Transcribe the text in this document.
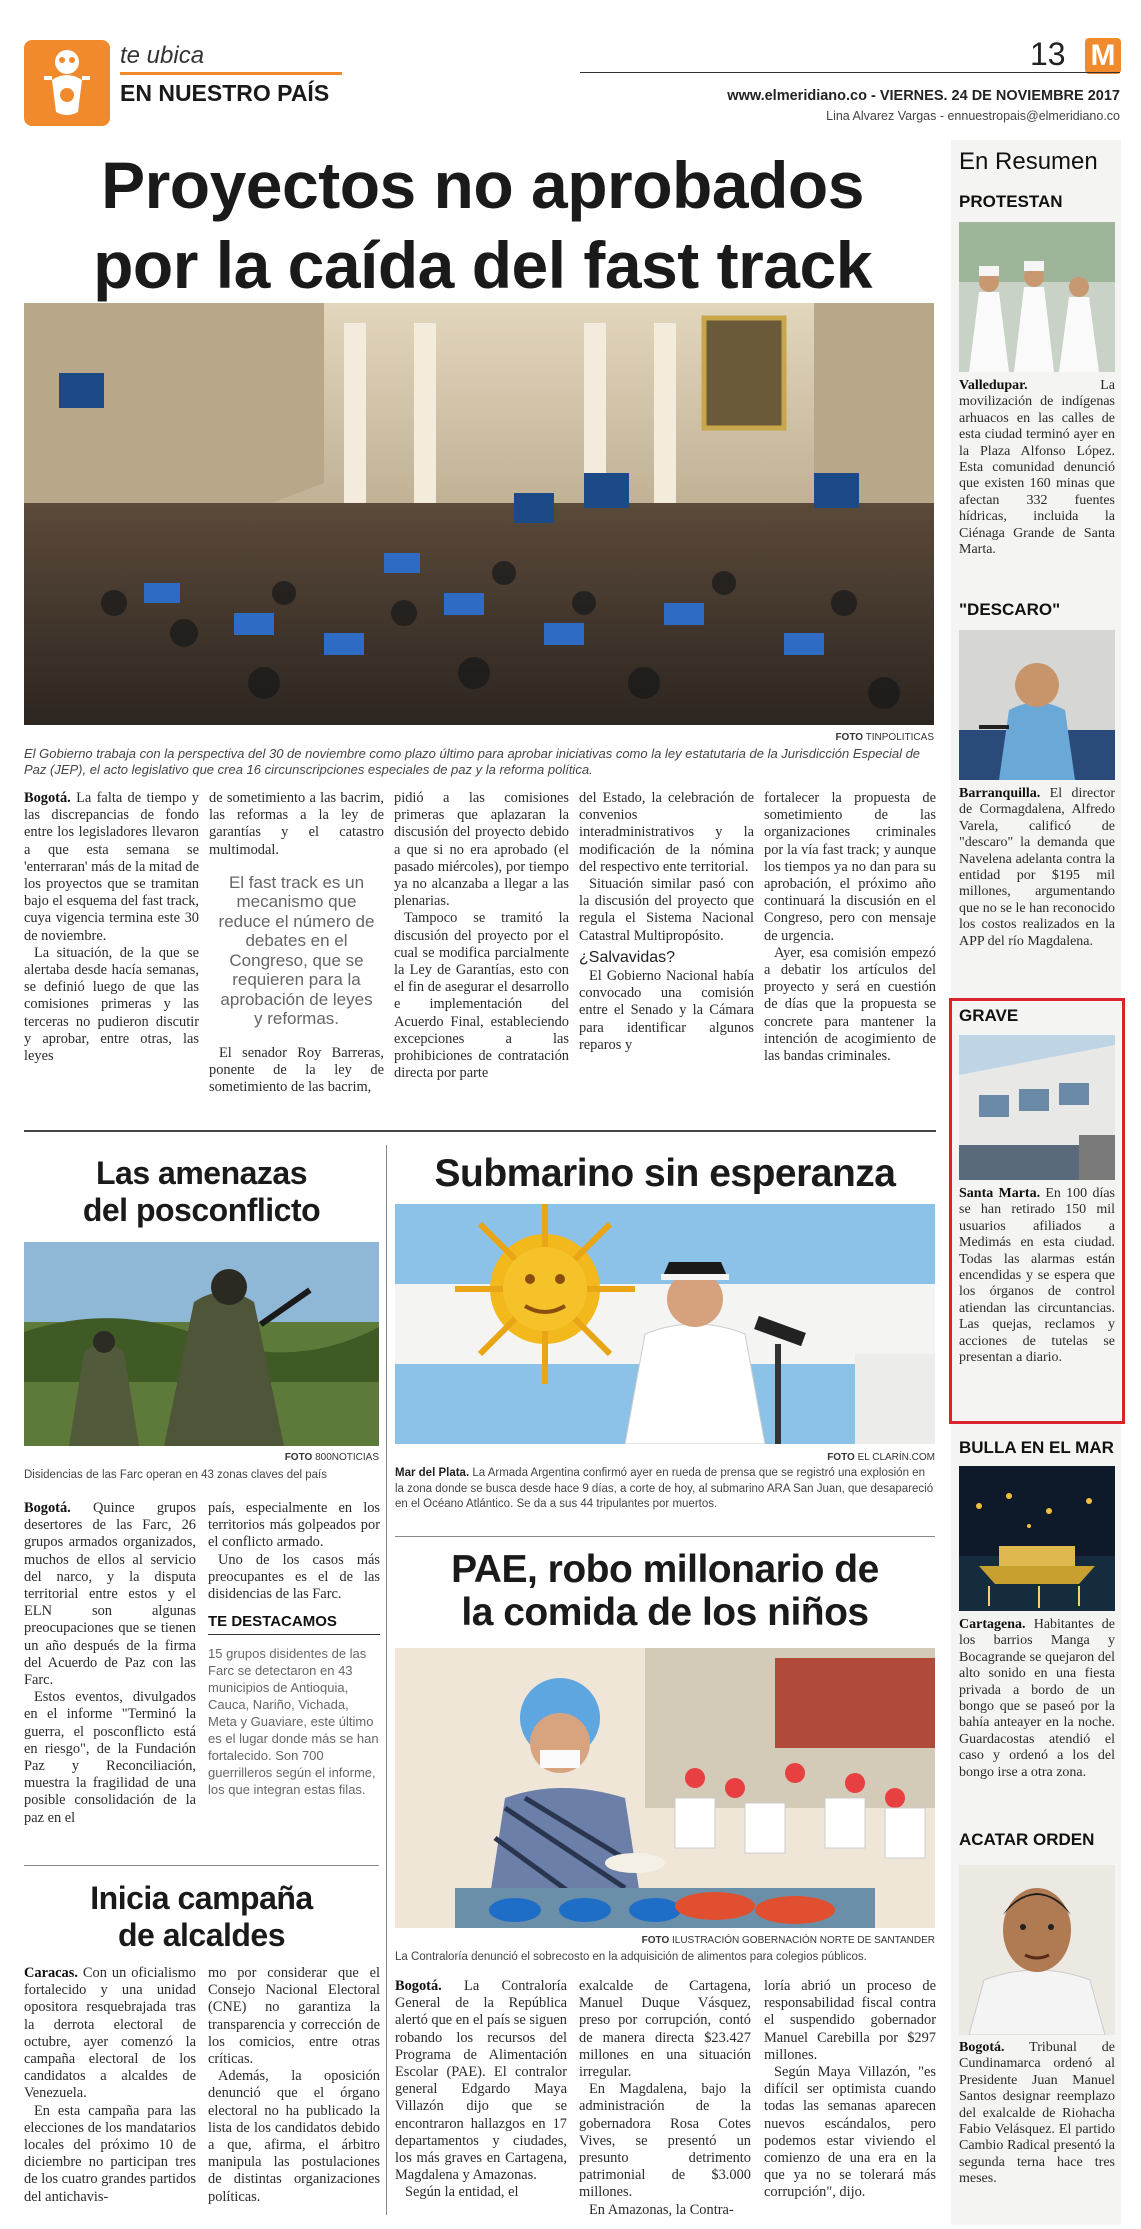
te ubica
EN NUESTRO PAÍS
13 M
www.elmeridiano.co - VIERNES. 24 DE NOVIEMBRE 2017
Lina Alvarez Vargas - ennuestropais@elmeridiano.co
Proyectos no aprobados
por la caída del fast track
FOTO TINPOLITICAS
El Gobierno trabaja con la perspectiva del 30 de noviembre como plazo último para aprobar iniciativas como la ley estatutaria de la Jurisdicción Especial de Paz (JEP), el acto legislativo que crea 16 circunscripciones especiales de paz y la reforma política.

Bogotá. La falta de tiempo y las discrepancias de fondo entre los legisladores llevaron a que esta semana se 'enterraran' más de la mitad de los proyectos que se tramitan bajo el esquema del fast track, cuya vigencia termina este 30 de noviembre.

La situación, de la que se alertaba desde hacía semanas, se definió luego de que las comisiones primeras y las terceras no pudieron discutir y aprobar, entre otras, las leyes

de sometimiento a las bacrim, las reformas a la ley de garantías y el catastro multimodal.

El fast track es un mecanismo que reduce el número de debates en el Congreso, que se requieren para la aprobación de leyes y reformas.

El senador Roy Barreras, ponente de la ley de sometimiento de las bacrim,

pidió a las comisiones primeras que aplazaran la discusión del proyecto debido a que si no era aprobado (el pasado miércoles), por tiempo ya no alcanzaba a llegar a las plenarias.

Tampoco se tramitó la discusión del proyecto por el cual se modifica parcialmente la Ley de Garantías, esto con el fin de asegurar el desarrollo e implementación del Acuerdo Final, estableciendo excepciones a las prohibiciones de contratación directa por parte

del Estado, la celebración de convenios interadministrativos y la modificación de la nómina del respectivo ente territorial.

Situación similar pasó con la discusión del proyecto que regula el Sistema Nacional Catastral Multipropósito.

¿Salvavidas?

El Gobierno Nacional había convocado una comisión entre el Senado y la Cámara para identificar algunos reparos y

fortalecer la propuesta de sometimiento de las organizaciones criminales por la vía fast track; y aunque los tiempos ya no dan para su aprobación, el próximo año continuará la discusión en el Congreso, pero con mensaje de urgencia.

Ayer, esa comisión empezó a debatir los artículos del proyecto y será en cuestión de días que la propuesta se concrete para mantener la intención de acogimiento de las bandas criminales.

Las amenazas
del posconflicto
FOTO 800NOTICIAS
Disidencias de las Farc operan en 43 zonas claves del país

Bogotá. Quince grupos desertores de las Farc, 26 grupos armados organizados, muchos de ellos al servicio del narco, y la disputa territorial entre estos y el ELN son algunas preocupaciones que se tienen un año después de la firma del Acuerdo de Paz con las Farc.

Estos eventos, divulgados en el informe "Terminó la guerra, el posconflicto está en riesgo", de la Fundación Paz y Reconciliación, muestra la fragilidad de una posible consolidación de la paz en el

país, especialmente en los territorios más golpeados por el conflicto armado.

Uno de los casos más preocupantes es el de las disidencias de las Farc.

TE DESTACAMOS
15 grupos disidentes de las Farc se detectaron en 43 municipios de Antioquia, Cauca, Nariño, Vichada, Meta y Guaviare, este último es el lugar donde más se han fortalecido. Son 700 guerrilleros según el informe, los que integran estas filas.
Inicia campaña
de alcaldes

Caracas. Con un oficialismo fortalecido y una unidad opositora resquebrajada tras la derrota electoral de octubre, ayer comenzó la campaña electoral de los candidatos a alcaldes de Venezuela.

En esta campaña para las elecciones de los mandatarios locales del próximo 10 de diciembre no participan tres de los cuatro grandes partidos del antichavis-

mo por considerar que el Consejo Nacional Electoral (CNE) no garantiza la transparencia y corrección de los comicios, entre otras críticas.

Además, la oposición denunció que el órgano electoral no ha publicado la lista de los candidatos debido a que, afirma, el árbitro manipula las postulaciones de distintas organizaciones políticas.

Submarino sin esperanza
FOTO EL CLARÍN.COM
Mar del Plata. La Armada Argentina confirmó ayer en rueda de prensa que se registró una explosión en la zona donde se busca desde hace 9 días, a corte de hoy, al submarino ARA San Juan, que desapareció en el Océano Atlántico. Se da a sus 44 tripulantes por muertos.
PAE, robo millonario de
la comida de los niños
FOTO ILUSTRACIÓN GOBERNACIÓN NORTE DE SANTANDER
La Contraloría denunció el sobrecosto en la adquisición de alimentos para colegios públicos.

Bogotá. La Contraloría General de la República alertó que en el país se siguen robando los recursos del Programa de Alimentación Escolar (PAE). El contralor general Edgardo Maya Villazón dijo que se encontraron hallazgos en 17 departamentos y ciudades, los más graves en Cartagena, Magdalena y Amazonas.

Según la entidad, el

exalcalde de Cartagena, Manuel Duque Vásquez, preso por corrupción, contó de manera directa $23.427 millones en una situación irregular.

En Magdalena, bajo la administración de la gobernadora Rosa Cotes Vives, se presentó un presunto detrimento patrimonial de $3.000 millones.

En Amazonas, la Contra-

loría abrió un proceso de responsabilidad fiscal contra el suspendido gobernador Manuel Carebilla por $297 millones.

Según Maya Villazón, "es difícil ser optimista cuando todas las semanas aparecen nuevos escándalos, pero podemos estar viviendo el comienzo de una era en la que ya no se tolerará más corrupción", dijo.

En Resumen
PROTESTAN
Valledupar.	La movilización de indígenas arhuacos en las calles de esta ciudad terminó ayer en la Plaza Alfonso López. Esta comunidad denunció que existen 160 minas que afectan 332 fuentes hídricas, incluida la Ciénaga Grande de Santa Marta.
"DESCARO"
Barranquilla. El director de Cormagdalena, Alfredo Varela, calificó de "descaro" la demanda que Navelena adelanta contra la entidad por $195 mil millones, argumentando que no se le han reconocido los costos realizados en la APP del río Magdalena.
GRAVE
Santa Marta. En 100 días se han retirado 150 mil usuarios afiliados a Medimás en esta ciudad. Todas las alarmas están encendidas y se espera que los órganos de control atiendan las circuntancias. Las quejas, reclamos y acciones de tutelas se presentan a diario.
BULLA EN EL MAR
Cartagena. Habitantes de los barrios Manga y Bocagrande se quejaron del alto sonido en una fiesta privada a bordo de un bongo que se paseó por la bahía anteayer en la noche. Guardacostas atendió el caso y ordenó a los del bongo irse a otra zona.
ACATAR ORDEN
Bogotá. Tribunal de Cundinamarca ordenó al Presidente Juan Manuel Santos designar reemplazo del exalcalde de Riohacha Fabio Velásquez. El partido Cambio Radical presentó la segunda terna hace tres meses.
